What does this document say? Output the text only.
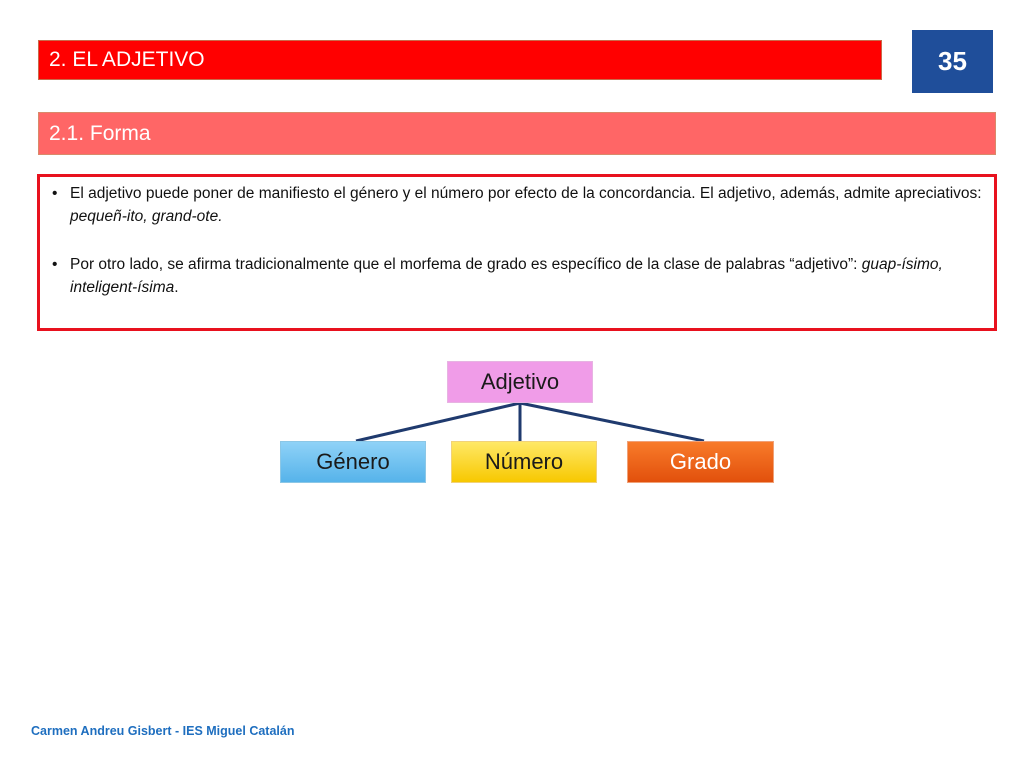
2. EL ADJETIVO	35
2.1. Forma
• El adjetivo puede poner de manifiesto el género y el número por efecto de la concordancia. El adjetivo, además, admite apreciativos: pequeñ-ito, grand-ote.
• Por otro lado, se afirma tradicionalmente que el morfema de grado es específico de la clase de palabras “adjetivo”: guap-ísimo, inteligent-ísima.
Adjetivo
Género	Número	Grado
Carmen Andreu Gisbert - IES Miguel Catalán
